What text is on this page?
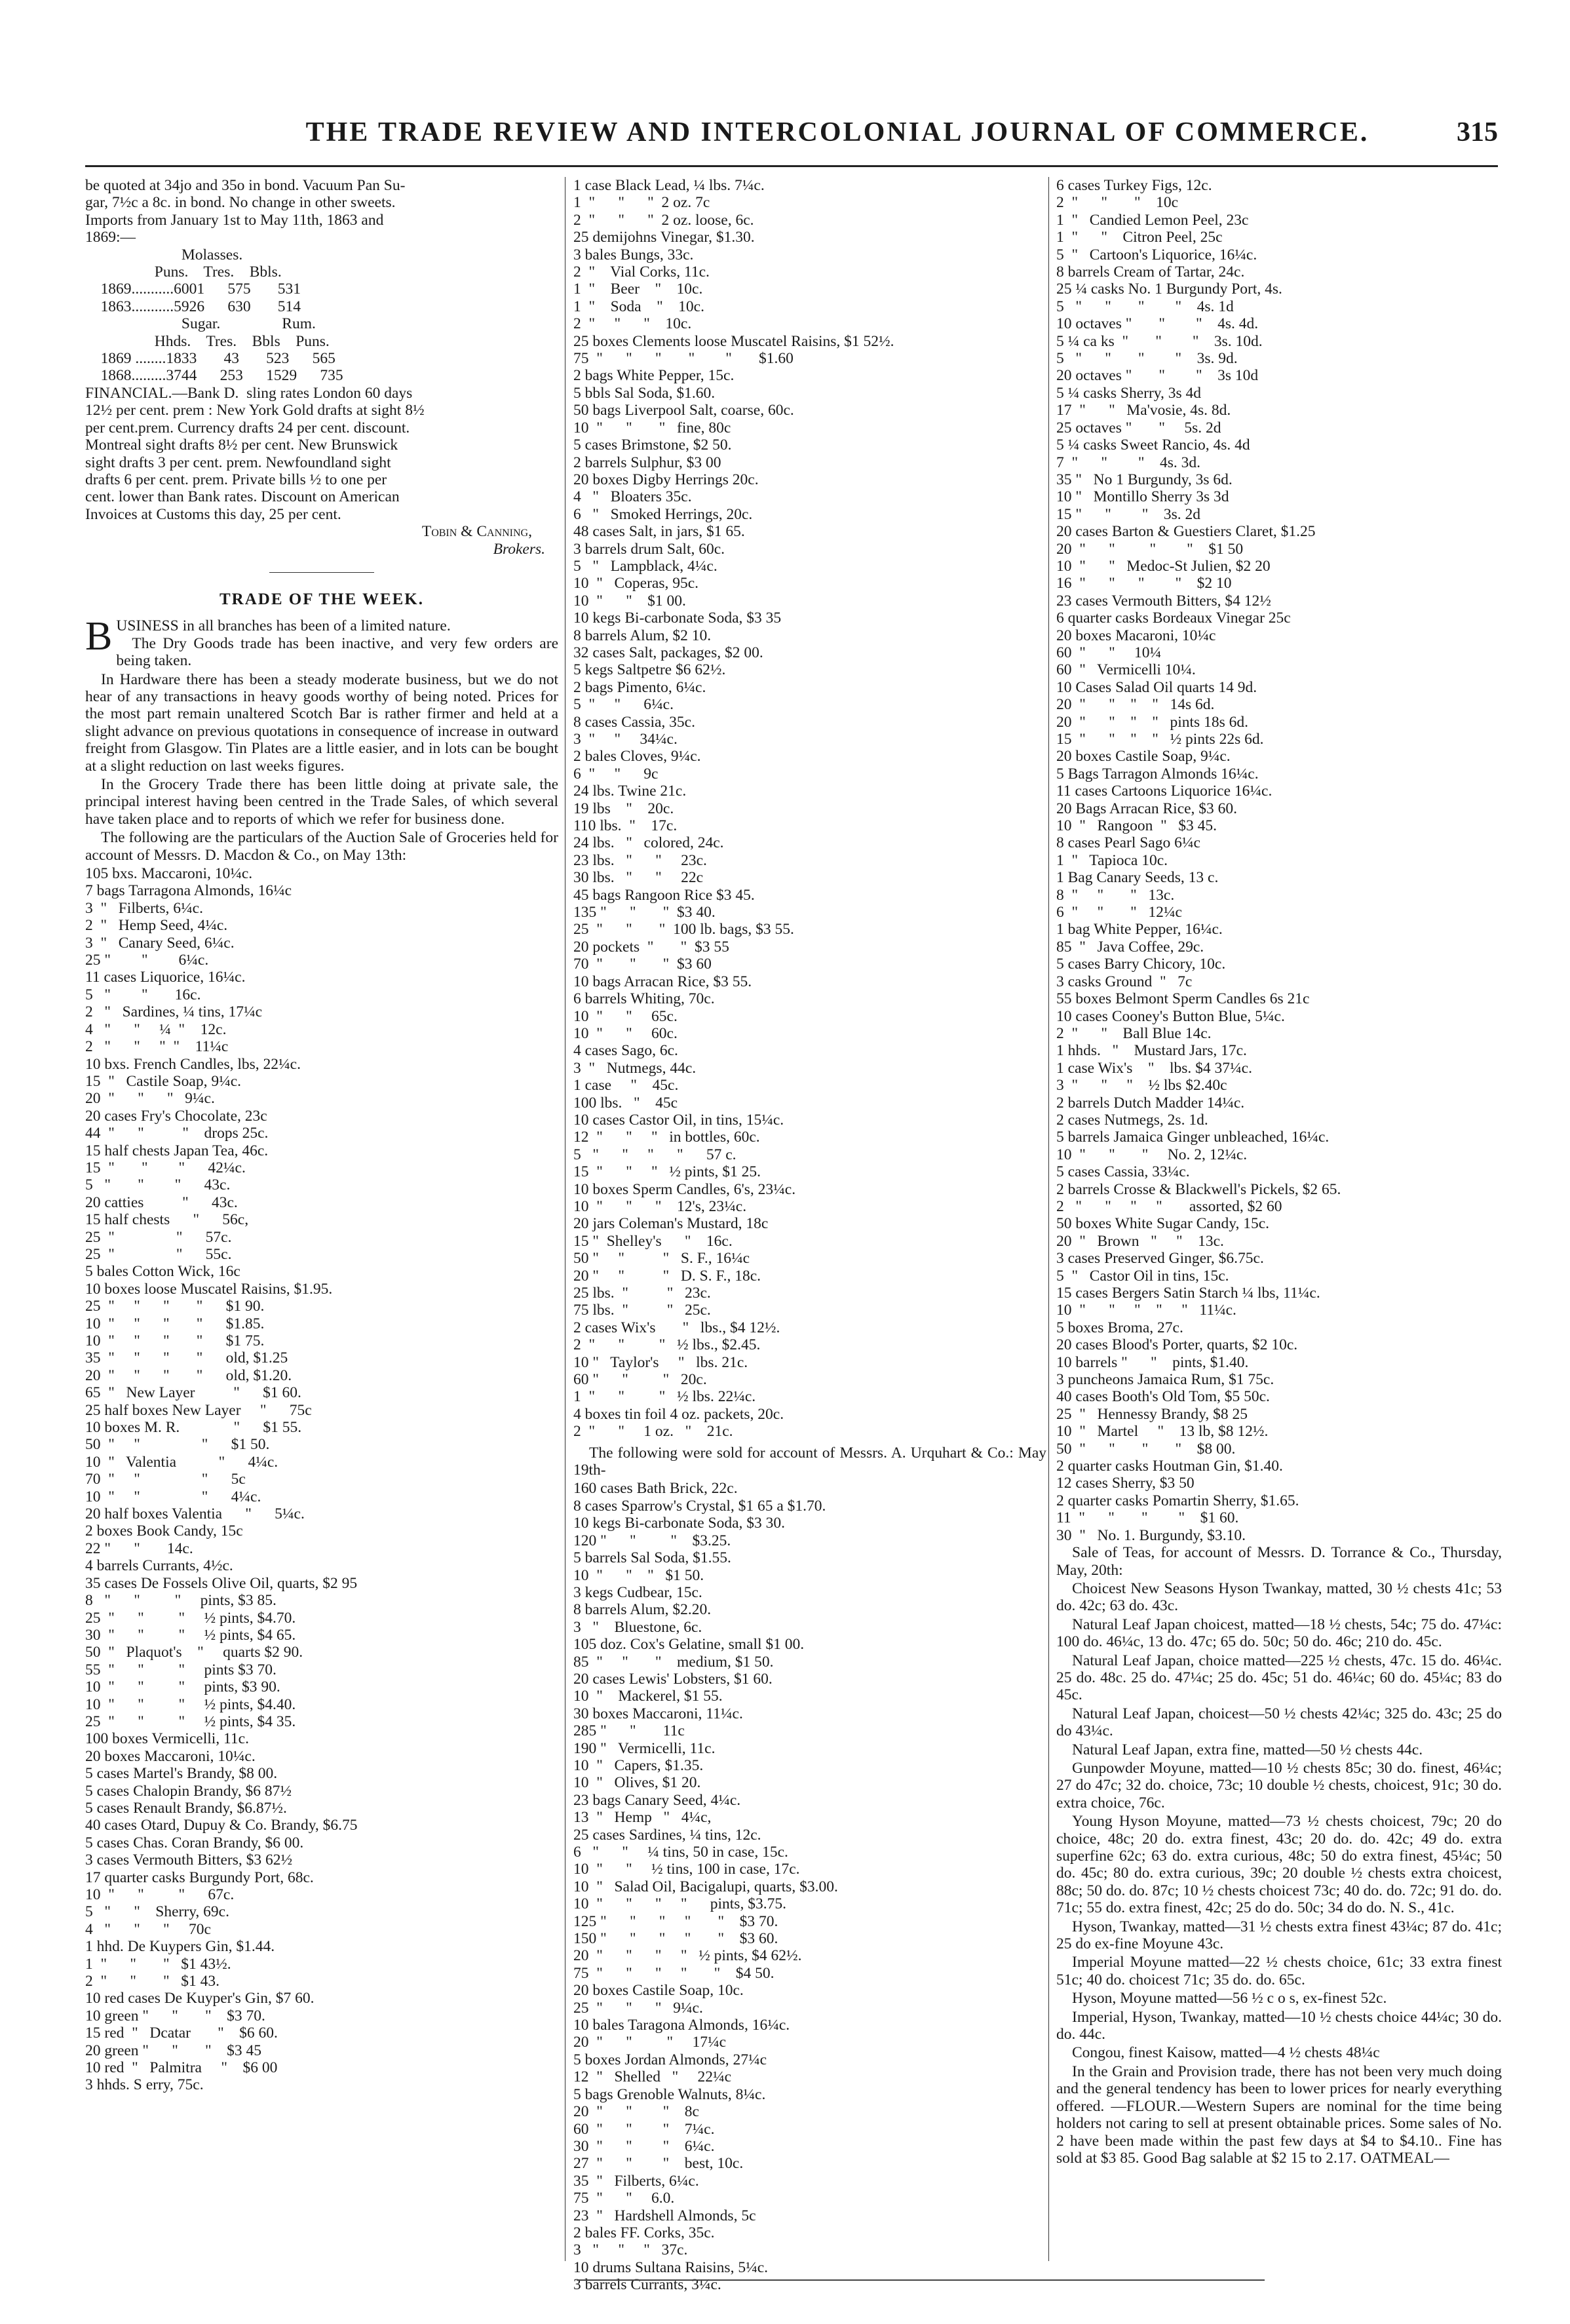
THE TRADE REVIEW AND INTERCOLONIAL JOURNAL OF COMMERCE.	315
be quoted at 34jo and 35o in bond. Vacuum Pan Su-
gar, 7½c a 8c. in bond. No change in other sweets.
Imports from January 1st to May 11th, 1863 and
1869:—
Molasses.
Puns.    Tres.    Bbls.
1869...........6001      575       531
1863...........5926      630       514
Sugar.                Rum.
Hhds.    Tres.    Bbls    Puns.
1869 ........1833       43       523      565
1868.........3744      253      1529      735
FINANCIAL.—Bank D.  sling rates London 60 days
12½ per cent. prem : New York Gold drafts at sight 8½
per cent.prem. Currency drafts 24 per cent. discount.
Montreal sight drafts 8½ per cent. New Brunswick
sight drafts 3 per cent. prem. Newfoundland sight
drafts 6 per cent. prem. Private bills ½ to one per
cent. lower than Bank rates. Discount on American
Invoices at Customs this day, 25 per cent.
Tobin & Canning,
Brokers.
TRADE OF THE WEEK.

BUSINESS in all branches has been of a limited nature.

The Dry Goods trade has been inactive, and very few orders are being taken.

In Hardware there has been a steady moderate business, but we do not hear of any transactions in heavy goods worthy of being noted. Prices for the most part remain unaltered Scotch Bar is rather firmer and held at a slight advance on previous quotations in consequence of increase in outward freight from Glasgow. Tin Plates are a little easier, and in lots can be bought at a slight reduction on last weeks figures.

In the Grocery Trade there has been little doing at private sale, the principal interest having been centred in the Trade Sales, of which several have taken place and to reports of which we refer for business done.

The following are the particulars of the Auction Sale of Groceries held for account of Messrs. D. Macdon & Co., on May 13th:

105 bxs. Maccaroni, 10¼c.
7 bags Tarragona Almonds, 16¼c
3  "   Filberts, 6¼c.
2  "   Hemp Seed, 4¼c.
3  "   Canary Seed, 6¼c.
25 "        "        6¼c.
11 cases Liquorice, 16¼c.
5   "        "       16c.
2   "   Sardines, ¼ tins, 17¼c
4   "      "     ¼  "    12c.
2   "      "     "  "    11¼c
10 bxs. French Candles, lbs, 22¼c.
15  "   Castile Soap, 9¼c.
20  "      "      "   9¼c.
20 cases Fry's Chocolate, 23c
44  "      "          "    drops 25c.
15 half chests Japan Tea, 46c.
15  "       "        "      42¼c.
5   "       "        "      43c.
20 catties          "      43c.
15 half chests      "      56c,
25  "                "      57c.
25  "                "      55c.
5 bales Cotton Wick, 16c
10 boxes loose Muscatel Raisins, $1.95.
25  "     "      "       "      $1 90.
10  "     "      "       "      $1.85.
10  "     "      "       "      $1 75.
35  "     "      "       "      old, $1.25
20  "     "      "       "      old, $1.20.
65  "   New Layer          "      $1 60.
25 half boxes New Layer     "      75c
10 boxes M. R.              "      $1 55.
50  "     "                "      $1 50.
10  "   Valentia           "      4¼c.
70  "     "                "      5c
10  "     "                "      4¼c.
20 half boxes Valentia      "      5¼c.
2 boxes Book Candy, 15c
22 "      "       14c.
4 barrels Currants, 4½c.
35 cases De Fossels Olive Oil, quarts, $2 95
8   "      "         "     pints, $3 85.
25  "      "         "     ½ pints, $4.70.
30  "      "         "     ½ pints, $4 65.
50  "   Plaquot's    "     quarts $2 90.
55  "      "         "     pints $3 70.
10  "      "         "     pints, $3 90.
10  "      "         "     ½ pints, $4.40.
25  "      "         "     ½ pints, $4 35.
100 boxes Vermicelli, 11c.
20 boxes Maccaroni, 10¼c.
5 cases Martel's Brandy, $8 00.
5 cases Chalopin Brandy, $6 87½
5 cases Renault Brandy, $6.87½.
40 cases Otard, Dupuy & Co. Brandy, $6.75
5 cases Chas. Coran Brandy, $6 00.
3 cases Vermouth Bitters, $3 62½
17 quarter casks Burgundy Port, 68c.
10  "      "         "      67c.
5   "      "    Sherry, 69c.
4   "      "      "     70c
1 hhd. De Kuypers Gin, $1.44.
1  "      "       "   $1 43½.
2  "      "       "   $1 43.
10 red cases De Kuyper's Gin, $7 60.
10 green "      "       "    $3 70.
15 red  "   Dcatar       "    $6 60.
20 green "      "       "    $3 45
10 red  "   Palmitra     "    $6 00
3 hhds. S erry, 75c.
1 case Black Lead, ¼ lbs. 7¼c.
1  "      "      "  2 oz. 7c
2  "      "      "  2 oz. loose, 6c.
25 demijohns Vinegar, $1.30.
3 bales Bungs, 33c.
2  "    Vial Corks, 11c.
1  "    Beer    "    10c.
1  "    Soda    "    10c.
2  "     "      "    10c.
25 boxes Clements loose Muscatel Raisins, $1 52½.
75  "      "      "       "        "       $1.60
2 bags White Pepper, 15c.
5 bbls Sal Soda, $1.60.
50 bags Liverpool Salt, coarse, 60c.
10  "      "       "   fine, 80c
5 cases Brimstone, $2 50.
2 barrels Sulphur, $3 00
20 boxes Digby Herrings 20c.
4   "   Bloaters 35c.
6   "   Smoked Herrings, 20c.
48 cases Salt, in jars, $1 65.
3 barrels drum Salt, 60c.
5   "   Lampblack, 4¼c.
10  "   Coperas, 95c.
10  "      "    $1 00.
10 kegs Bi-carbonate Soda, $3 35
8 barrels Alum, $2 10.
32 cases Salt, packages, $2 00.
5 kegs Saltpetre $6 62½.
2 bags Pimento, 6¼c.
5  "     "      6¼c.
8 cases Cassia, 35c.
3  "     "     34¼c.
2 bales Cloves, 9¼c.
6  "     "      9c
24 lbs. Twine 21c.
19 lbs    "    20c.
110 lbs.  "    17c.
24 lbs.   "   colored, 24c.
23 lbs.   "      "     23c.
30 lbs.   "      "     22c
45 bags Rangoon Rice $3 45.
135 "      "       "  $3 40.
25  "      "       "  100 lb. bags, $3 55.
20 pockets  "       "  $3 55
70  "       "       "  $3 60
10 bags Arracan Rice, $3 55.
6 barrels Whiting, 70c.
10  "      "     65c.
10  "      "     60c.
4 cases Sago, 6c.
3  "   Nutmegs, 44c.
1 case     "    45c.
100 lbs.   "    45c
10 cases Castor Oil, in tins, 15¼c.
12  "      "     "   in bottles, 60c.
5   "      "     "      "      57 c.
15  "      "     "   ½ pints, $1 25.
10 boxes Sperm Candles, 6's, 23¼c.
10  "      "      "    12's, 23¼c.
20 jars Coleman's Mustard, 18c
15 "  Shelley's      "    16c.
50 "     "          "   S. F., 16¼c
20 "     "          "   D. S. F., 18c.
25 lbs.  "          "   23c.
75 lbs.  "          "   25c.
2 cases Wix's       "   lbs., $4 12½.
2  "      "         "   ½ lbs., $2.45.
10 "   Taylor's     "   lbs. 21c.
60 "      "         "   20c.
1  "      "         "   ½ lbs. 22¼c.
4 boxes tin foil 4 oz. packets, 20c.
2  "      "     1 oz.   "    21c.

The following were sold for account of Messrs. A. Urquhart & Co.: May 19th-

160 cases Bath Brick, 22c.
8 cases Sparrow's Crystal, $1 65 a $1.70.
10 kegs Bi-carbonate Soda, $3 30.
120 "      "         "    $3.25.
5 barrels Sal Soda, $1.55.
10  "      "    "   $1 50.
3 kegs Cudbear, 15c.
8 barrels Alum, $2.20.
3   "    Bluestone, 6c.
105 doz. Cox's Gelatine, small $1 00.
85  "     "       "    medium, $1 50.
20 cases Lewis' Lobsters, $1 60.
10  "    Mackerel, $1 55.
30 boxes Maccaroni, 11¼c.
285 "      "       11c
190 "   Vermicelli, 11c.
10  "   Capers, $1.35.
10  "   Olives, $1 20.
23 bags Canary Seed, 4¼c.
13  "   Hemp   "   4¼c,
25 cases Sardines, ¼ tins, 12c.
6   "      "     ¼ tins, 50 in case, 15c.
10  "      "     ½ tins, 100 in case, 17c.
10  "   Salad Oil, Bacigalupi, quarts, $3.00.
10  "      "      "     "      pints, $3.75.
125 "      "      "     "       "    $3 70.
150 "      "      "     "       "    $3 60.
20  "      "      "     "   ½ pints, $4 62½.
75  "      "      "     "       "    $4 50.
20 boxes Castile Soap, 10c.
25  "      "      "   9¼c.
10 bales Taragona Almonds, 16¼c.
20  "      "         "     17¼c
5 boxes Jordan Almonds, 27¼c
12  "   Shelled   "     22¼c
5 bags Grenoble Walnuts, 8¼c.
20  "      "        "    8c
60  "      "        "    7¼c.
30  "      "        "    6¼c.
27  "      "        "    best, 10c.
35  "   Filberts, 6¼c.
75  "      "     6.0.
23  "   Hardshell Almonds, 5c
2 bales FF. Corks, 35c.
3   "     "     "   37c.
10 drums Sultana Raisins, 5¼c.
3 barrels Currants, 3¼c.
6 cases Turkey Figs, 12c.
2  "      "       "    10c
1  "   Candied Lemon Peel, 23c
1  "      "    Citron Peel, 25c
5  "   Cartoon's Liquorice, 16¼c.
8 barrels Cream of Tartar, 24c.
25 ¼ casks No. 1 Burgundy Port, 4s.
5   "      "       "        "    4s. 1d
10 octaves "       "        "    4s. 4d.
5 ¼ ca ks  "       "        "    3s. 10d.
5   "      "       "        "    3s. 9d.
20 octaves "       "        "    3s 10d
5 ¼ casks Sherry, 3s 4d
17  "      "   Ma'vosie, 4s. 8d.
25 octaves "       "     5s. 2d
5 ¼ casks Sweet Rancio, 4s. 4d
7  "      "        "    4s. 3d.
35 "   No 1 Burgundy, 3s 6d.
10 "   Montillo Sherry 3s 3d
15 "      "        "    3s. 2d
20 cases Barton & Guestiers Claret, $1.25
20  "      "         "        "    $1 50
10  "      "   Medoc-St Julien, $2 20
16  "      "      "        "    $2 10
23 cases Vermouth Bitters, $4 12½
6 quarter casks Bordeaux Vinegar 25c
20 boxes Macaroni, 10¼c
60  "      "     10¼
60  "   Vermicelli 10¼.
10 Cases Salad Oil quarts 14 9d.
20  "      "    "    "   14s 6d.
20  "      "    "    "   pints 18s 6d.
15  "      "    "    "   ½ pints 22s 6d.
20 boxes Castile Soap, 9¼c.
5 Bags Tarragon Almonds 16¼c.
11 cases Cartoons Liquorice 16¼c.
20 Bags Arracan Rice, $3 60.
10  "   Rangoon  "   $3 45.
8 cases Pearl Sago 6¼c
1  "   Tapioca 10c.
1 Bag Canary Seeds, 13 c.
8  "     "       "   13c.
6  "     "       "   12¼c
1 bag White Pepper, 16¼c.
85  "   Java Coffee, 29c.
5 cases Barry Chicory, 10c.
3 casks Ground  "   7c
55 boxes Belmont Sperm Candles 6s 21c
10 cases Cooney's Button Blue, 5¼c.
2  "      "    Ball Blue 14c.
1 hhds.   "    Mustard Jars, 17c.
1 case Wix's    "    lbs. $4 37¼c.
3  "      "     "    ½ lbs $2.40c
2 barrels Dutch Madder 14¼c.
2 cases Nutmegs, 2s. 1d.
5 barrels Jamaica Ginger unbleached, 16¼c.
10  "      "       "     No. 2, 12¼c.
5 cases Cassia, 33¼c.
2 barrels Crosse & Blackwell's Pickels, $2 65.
2   "      "     "     "       assorted, $2 60
50 boxes White Sugar Candy, 15c.
20  "   Brown   "     "    13c.
3 cases Preserved Ginger, $6.75c.
5  "   Castor Oil in tins, 15c.
15 cases Bergers Satin Starch ¼ lbs, 11¼c.
10  "      "     "    "     "   11¼c.
5 boxes Broma, 27c.
20 cases Blood's Porter, quarts, $2 10c.
10 barrels "      "    pints, $1.40.
3 puncheons Jamaica Rum, $1 75c.
40 cases Booth's Old Tom, $5 50c.
25  "   Hennessy Brandy, $8 25
10  "   Martel     "    13 lb, $8 12½.
50  "      "       "       "    $8 00.
2 quarter casks Houtman Gin, $1.40.
12 cases Sherry, $3 50
2 quarter casks Pomartin Sherry, $1.65.
11  "      "       "        "    $1 60.
30  "   No. 1. Burgundy, $3.10.

Sale of Teas, for account of Messrs. D. Torrance & Co., Thursday, May, 20th:

Choicest New Seasons Hyson Twankay, matted, 30 ½ chests 41c; 53 do. 42c; 63 do. 43c.

Natural Leaf Japan choicest, matted—18 ½ chests, 54c; 75 do. 47¼c: 100 do. 46¼c, 13 do. 47c; 65 do. 50c; 50 do. 46c; 210 do. 45c.

Natural Leaf Japan, choice matted—225 ½ chests, 47c. 15 do. 46¼c. 25 do. 48c. 25 do. 47¼c; 25 do. 45c; 51 do. 46¼c; 60 do. 45¼c; 83 do 45c.

Natural Leaf Japan, choicest—50 ½ chests 42¼c; 325 do. 43c; 25 do do 43¼c.

Natural Leaf Japan, extra fine, matted—50 ½ chests 44c.

Gunpowder Moyune, matted—10 ½ chests 85c; 30 do. finest, 46¼c; 27 do 47c; 32 do. choice, 73c; 10 double ½ chests, choicest, 91c; 30 do. extra choice, 76c.

Young Hyson Moyune, matted—73 ½ chests choicest, 79c; 20 do choice, 48c; 20 do. extra finest, 43c; 20 do. do. 42c; 49 do. extra superfine 62c; 63 do. extra curious, 48c; 50 do extra finest, 45¼c; 50 do. 45c; 80 do. extra curious, 39c; 20 double ½ chests extra choicest, 88c; 50 do. do. 87c; 10 ½ chests choicest 73c; 40 do. do. 72c; 91 do. do. 71c; 55 do. extra finest, 42c; 25 do do. 50c; 34 do do. N. S., 41c.

Hyson, Twankay, matted—31 ½ chests extra finest 43¼c; 87 do. 41c; 25 do ex-fine Moyune 43c.

Imperial Moyune matted—22 ½ chests choice, 61c; 33 extra finest 51c; 40 do. choicest 71c; 35 do. do. 65c.

Hyson, Moyune matted—56 ½ c o s, ex-finest 52c.

Imperial, Hyson, Twankay, matted—10 ½ chests choice 44¼c; 30 do. do. 44c.

Congou, finest Kaisow, matted—4 ½ chests 48¼c

In the Grain and Provision trade, there has not been very much doing and the general tendency has been to lower prices for nearly everything offered. —FLOUR.—Western Supers are nominal for the time being holders not caring to sell at present obtainable prices. Some sales of No. 2 have been made within the past few days at $4 to $4.10.. Fine has sold at $3 85. Good Bag salable at $2 15 to 2.17. OATMEAL—
